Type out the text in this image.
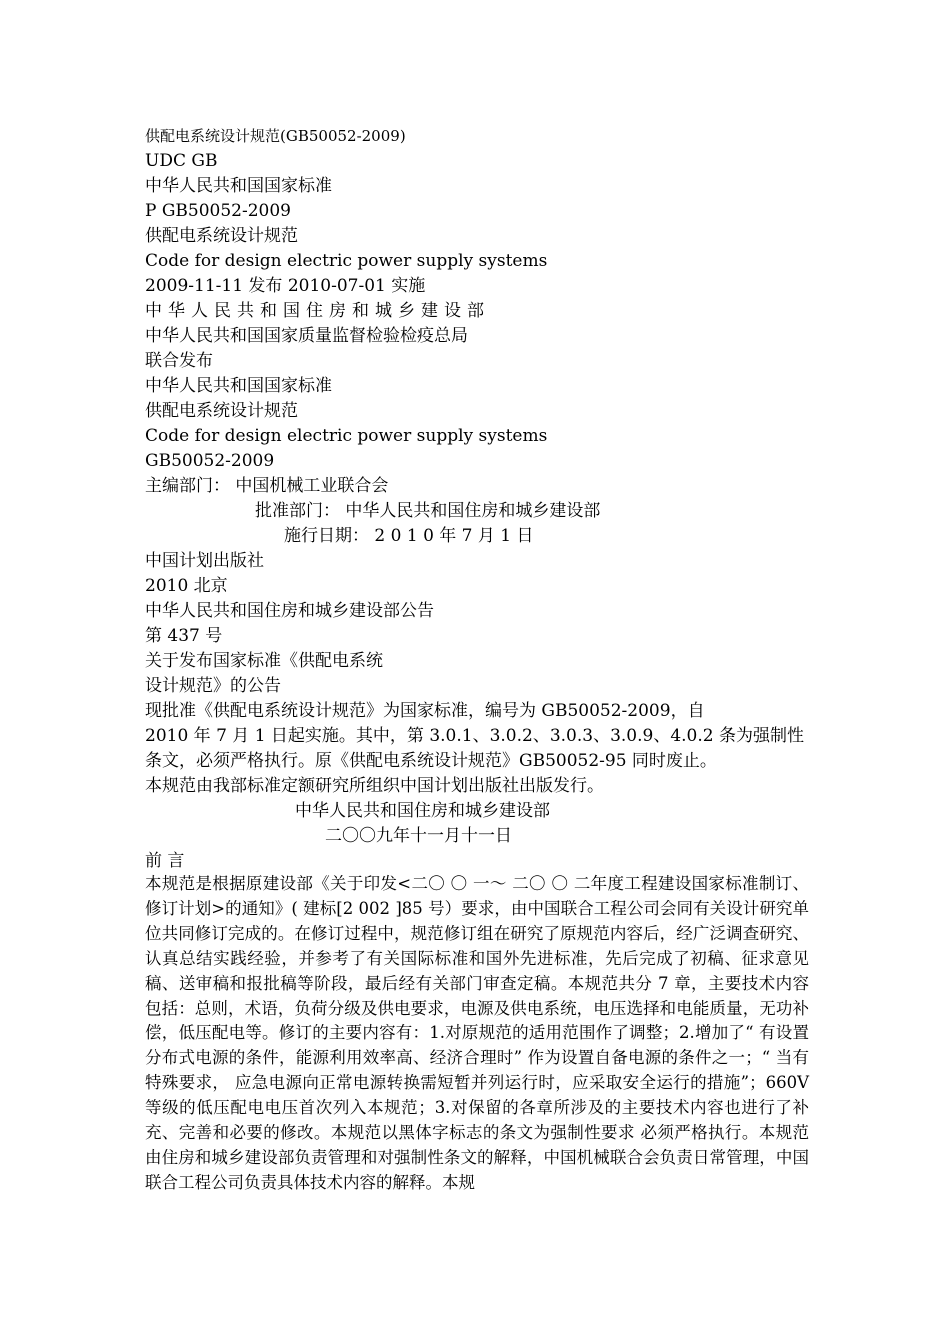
供配电系统设计规范(GB50052-2009)
UDC GB
中华人民共和国国家标准
P GB50052-2009
供配电系统设计规范
Code for design electric power supply systems
2009-11-11 发布 2010-07-01 实施
中华人民共和国住房和城乡建设部
中华人民共和国国家质量监督检验检疫总局
联合发布
中华人民共和国国家标准
供配电系统设计规范
Code for design electric power supply systems
GB50052-2009
主编部门： 中国机械工业联合会
批准部门： 中华人民共和国住房和城乡建设部
施行日期： 2 0 1 0 年 7 月 1 日
中国计划出版社
2010 北京
中华人民共和国住房和城乡建设部公告
第 437 号
关于发布国家标准《供配电系统
设计规范》的公告
现批准《供配电系统设计规范》为国家标准，编号为 GB50052-2009，自
2010 年 7 月 1 日起实施。其中，第 3.0.1、3.0.2、3.0.3、3.0.9、4.0.2 条为强制性
条文，必须严格执行。原《供配电系统设计规范》GB50052-95 同时废止。
本规范由我部标准定额研究所组织中国计划出版社出版发行。
中华人民共和国住房和城乡建设部
二〇〇九年十一月十一日
前 言
本规范是根据原建设部《关于印发<二〇 〇 一～ 二〇 〇 二年度工程建设国家标准制订、修订计划>的通知》( 建标[2 002 ]85 号）要求，由中国联合工程公司会同有关设计研究单位共同修订完成的。在修订过程中，规范修订组在研究了原规范内容后，经广泛调查研究、认真总结实践经验，并参考了有关国际标准和国外先进标准，先后完成了初稿、征求意见稿、送审稿和报批稿等阶段，最后经有关部门审查定稿。本规范共分 7 章，主要技术内容包括：总则，术语，负荷分级及供电要求，电源及供电系统，电压选择和电能质量，无功补偿，低压配电等。修订的主要内容有：1.对原规范的适用范围作了调整；2.增加了“ 有设置分布式电源的条件，能源利用效率高、经济合理时” 作为设置自备电源的条件之一；“ 当有特殊要求， 应急电源向正常电源转换需短暂并列运行时，应采取安全运行的措施”；660V 等级的低压配电电压首次列入本规范；3.对保留的各章所涉及的主要技术内容也进行了补充、完善和必要的修改。本规范以黑体字标志的条文为强制性要求 必须严格执行。本规范由住房和城乡建设部负责管理和对强制性条文的解释，中国机械联合会负责日常管理，中国联合工程公司负责具体技术内容的解释。本规
